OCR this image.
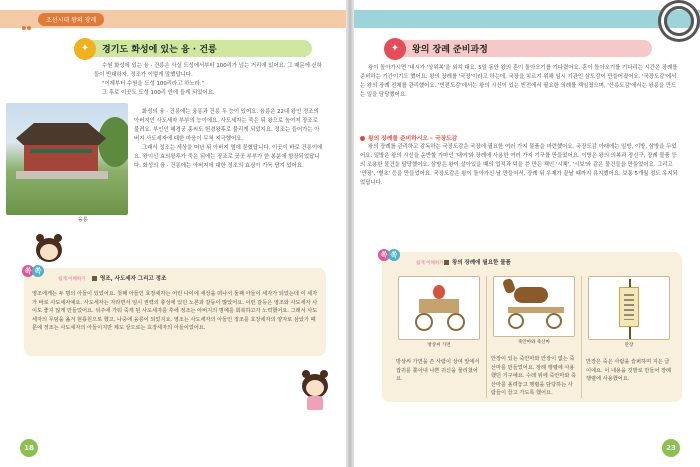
조선시대 왕의 장례
✦	경기도 화성에 있는 융 · 건릉

수원 화성에 있는 융 · 건릉은 사실 도성에서부터 100리가 넘는 거리에 있어요. 그 때문에 신하들이 반대하자, 정조가 이렇게 말했답니다.

"이제부터 수원을 도성 100리라고 하노라."

그 후로 이곳도 도성 100리 안에 들게 되었어요.

화성의 융 · 건릉에는 융릉과 건릉 두 능이 있어요. 융릉은 22대 왕인 정조의 아버지인 사도세자 부부의 능이에요. 사도세자는 죽은 뒤 왕으로 높여져 장조로 불려요. 부인인 혜경궁 홍씨도 헌경왕후로 불리게 되었지요. 정조는 들어가는 아버지 사도세자에 대한 마음이 무척 지극했어요.

그래서 정조는 세상을 떠난 뒤 아버지 옆에 묻혔답니다. 이곳이 바로 건릉이에요. 왕이신 효의왕후가 죽은 뒤에는 장조로 곳곳 부부가 한 봉분에 함장되었답니다. 화성의 융 · 건릉에는 아버지에 대한 정조의 효심이 가득 담겨 있어요.

융릉
쏙 쏙
쉽게 이해하기	영조, 사도세자 그리고 정조
영조에게는 두 명의 아들이 있었어요. 첫째 아들인 효장세자는 어린 나이에 세상을 떠나서 둘째 아들이 세자가 되었는데 이 세자가 바로 사도세자예요. 사도세자는 자라면서 임시 권력의 충성에 있던 노론과 갈등이 많았어요. 이런 갈등은 영조와 사도세자 사이도 좋지 않게 만들었어요. 뒤주에 가둬 죽게 된 사도세자를 후에 정조는 아버지의 명예를 회복하고자 노력했어요. 그래서 사도세자의 무덤을 옮겨 현륭원으로 했고, 나중에 융릉이 되었지요. 영조는 사도세자의 아들인 정조를 효장세자의 양자로 삼았기 때문에 정조는 사도세자의 아들이지만 제도 상으로는 효장세자의 아들이었어요.
18
✦	왕의 장례 준비과정

왕이 돌아가시면 '내시가 '상위복'을 외치 대요. 5일 동안 왕의 혼이 돌아오기를 기다렸어요. 혼이 돌아오기를 기다리는 시간은 장례를 준비하는 기간이기도 했어요. 왕의 장례를 '국장'이라고 하는데, 국장을 치르기 위해 임시 기관인 삼도감이 만들어졌어요. '국장도감'에서는 왕의 장례 전체를 관리했어요. '빈전도감'에서는 왕의 시신이 있는 빈전에서 필요한 의례를 책임졌으며, '산릉도감'에서는 왕릉을 만드는 일을 담당했어요.

왕의 장례를 준비하시오 – 국장도감

왕의 장례를 관리하고 감독하는 국장도감은 국장에 필요한 여러 가지 물품을 마련했어요. 국장도감 아래에는 일방, 이방, 삼방을 두었어요. 일방은 왕의 시신을 운반할 가마인 '대여'와 장례에 사용한 여러 가지 기구를 만들었어요. 이방은 왕의 의복과 장신구, 장례 물품 등의 조용한 물건을 담당했어요. 삼방은 왕이 살아있을 때의 업적과 덕을 쓴 만든 책인 '시책', '시보'와 같은 물건들을 만들었어요. 그리고 '만장', '별초' 등을 만들었어요. 국장도감은 왕이 돌아가신 날 만들어서, 장례 뒤 우제가 끝날 때까지 유지했어요. 보통 5개월 정도 유지되었답니다.

쏙 쏙
쉽게 이해하기	왕의 장례에 필요한 물품
방상씨 가면
방상씨 가면을 쓴 사람이 상여 앞에서 잡귀를 쫓아내 나쁜 귀신을 물리쳤어요.
죽안마와 죽산마
안장이 있는 죽안마와 안장이 없는 죽산마를 만들었어요. 장례 행렬에 사용했던 기구예요. 수레 위에 죽안마와 죽산마를 올려놓고 행렬을 담당하는 사람들이 끌고 가도록 했어요.
만장
만장은 죽은 사람을 슬퍼하며 지은 글이에요. 이 내용을 깃발로 만들어 장례 행렬에 사용했어요.
23
